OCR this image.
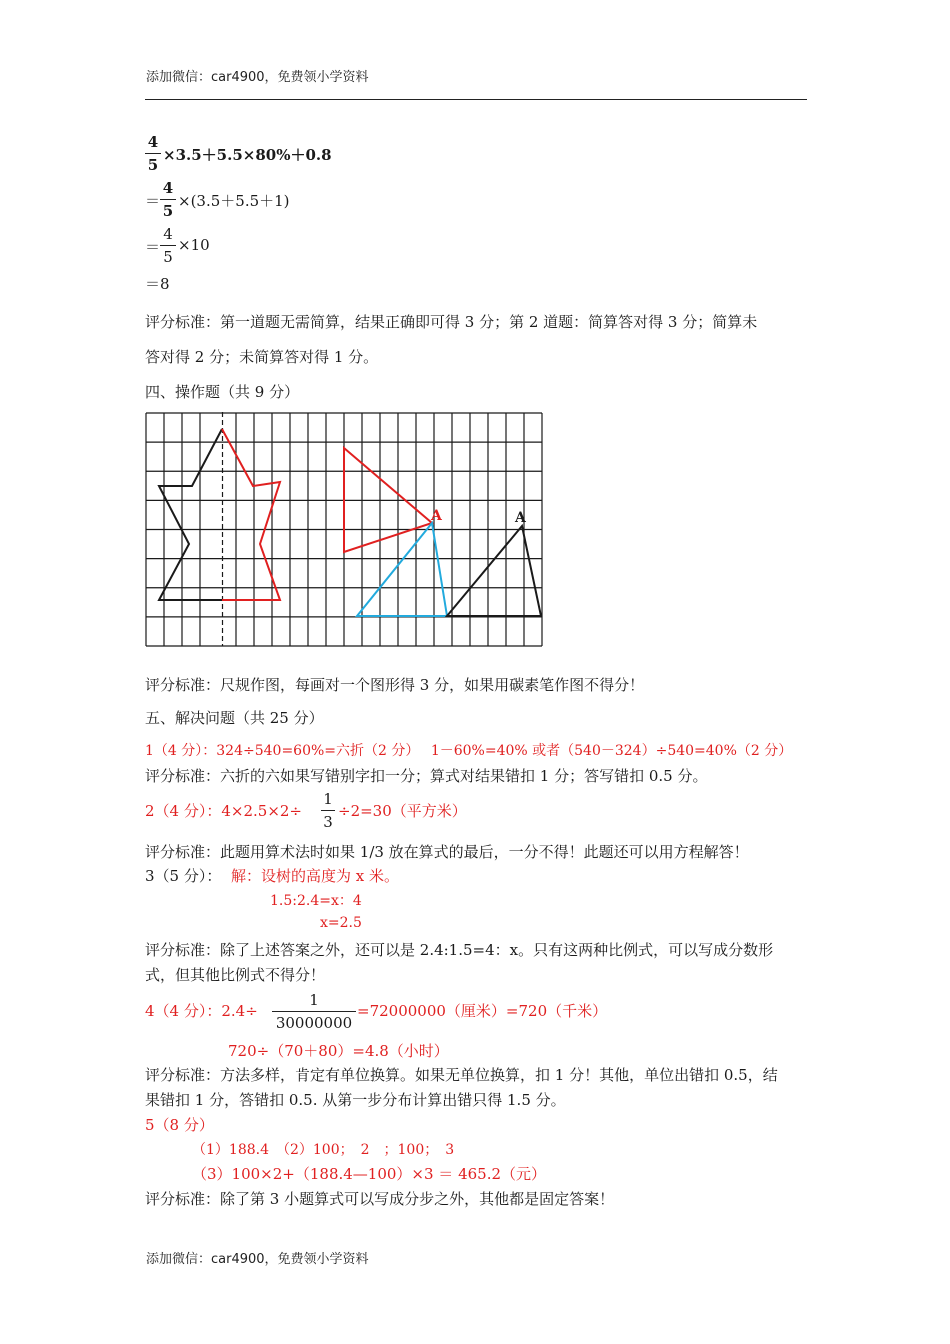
添加微信：car4900，免费领小学资料
4
5
×3.5＋5.5×80%＋0.8
＝
4
5
×(3.5＋5.5＋1)
＝
4
5
×10
＝8
评分标准：第一道题无需简算，结果正确即可得 3 分；第 2 道题：简算答对得 3 分；简算未
答对得 2 分；未简算答对得 1 分。
四、操作题（共 9 分）
A	A
评分标准：尺规作图，每画对一个图形得 3 分，如果用碳素笔作图不得分！
五、解决问题（共 25 分）
1（4 分）：324÷540=60%=六折（2 分）　 1－60%=40% 或者（540－324）÷540=40%（2 分）
评分标准：六折的六如果写错别字扣一分；算式对结果错扣 1 分；答写错扣 0.5 分。
2（4 分）：4×2.5×2÷
1
3
÷2=30（平方米）
评分标准：此题用算术法时如果 1/3 放在算式的最后，一分不得！此题还可以用方程解答！
3（5 分）： 解：设树的高度为 x 米。
1.5:2.4=x：4
x=2.5
评分标准：除了上述答案之外，还可以是 2.4:1.5=4：x。只有这两种比例式，可以写成分数形
式，但其他比例式不得分！
4（4 分）：2.4÷
1
30000000
=72000000（厘米）=720（千米）
720÷（70＋80）=4.8（小时）
评分标准：方法多样，肯定有单位换算。如果无单位换算，扣 1 分！其他，单位出错扣 0.5，结
果错扣 1 分，答错扣 0.5. 从第一步分布计算出错只得 1.5 分。
5（8 分）
（1）188.4　（2）100；　2　；100；　3
（3）100×2+（188.4—100）×3 ＝ 465.2（元）
评分标准：除了第 3 小题算式可以写成分步之外，其他都是固定答案！
添加微信：car4900，免费领小学资料
